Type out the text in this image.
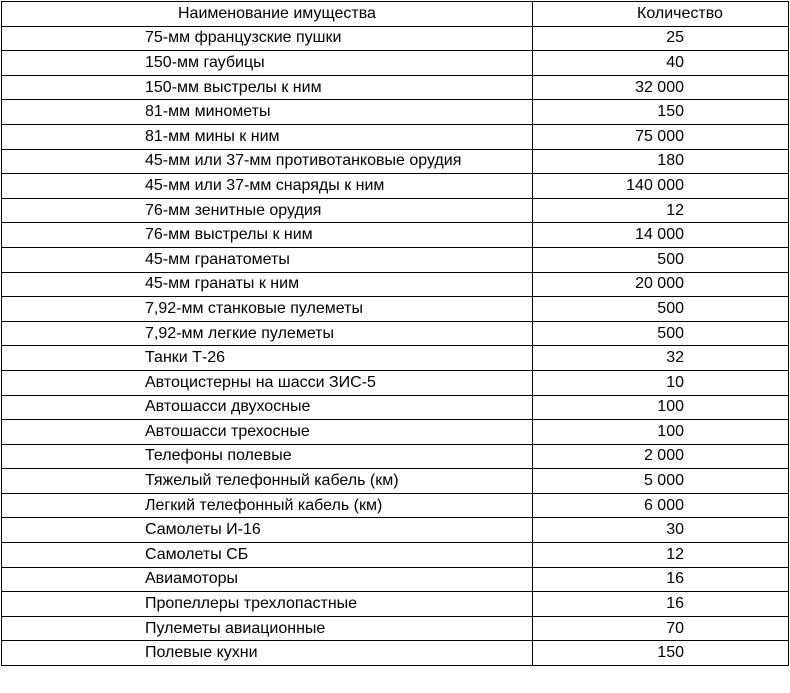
Наименование имущества	Количество
75-мм французские пушки	25
150-мм гаубицы	40
150-мм выстрелы к ним	32 000
81-мм минометы	150
81-мм мины к ним	75 000
45-мм или 37-мм противотанковые орудия	180
45-мм или 37-мм снаряды к ним	140 000
76-мм зенитные орудия	12
76-мм выстрелы к ним	14 000
45-мм гранатометы	500
45-мм гранаты к ним	20 000
7,92-мм станковые пулеметы	500
7,92-мм легкие пулеметы	500
Танки Т-26	32
Автоцистерны на шасси ЗИС-5	10
Автошасси двухосные	100
Автошасси трехосные	100
Телефоны полевые	2 000
Тяжелый телефонный кабель (км)	5 000
Легкий телефонный кабель (км)	6 000
Самолеты И-16	30
Самолеты СБ	12
Авиамоторы	16
Пропеллеры трехлопастные	16
Пулеметы авиационные	70
Полевые кухни	150
